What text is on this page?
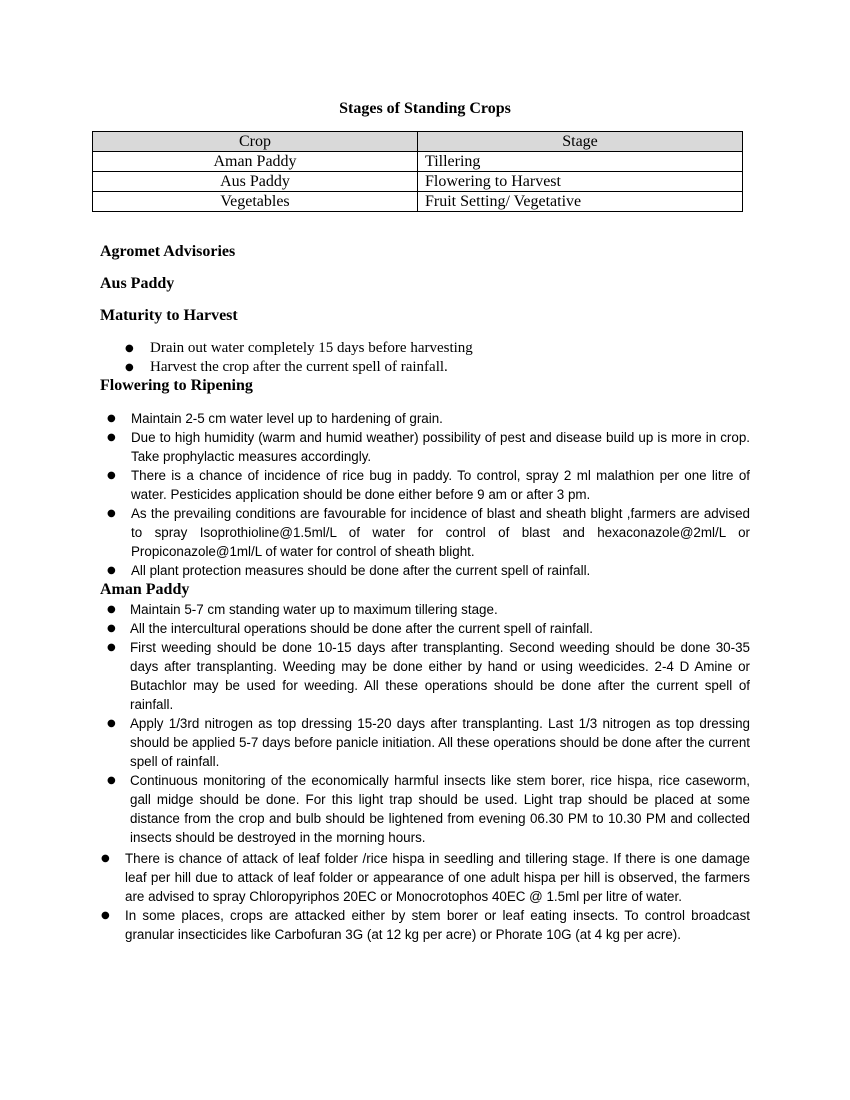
Stages of Standing Crops
Crop	Stage
Aman Paddy	Tillering
Aus Paddy	Flowering to Harvest
Vegetables	Fruit Setting/ Vegetative
Agromet Advisories
Aus Paddy
Maturity to Harvest
● Drain out water completely 15 days before harvesting
● Harvest the crop after the current spell of rainfall.
Flowering to Ripening
● Maintain 2-5 cm water level up to hardening of grain.
● Due to high humidity (warm and humid weather) possibility of pest and disease build up is more in crop. Take prophylactic measures accordingly.
● There is a chance of incidence of rice bug in paddy. To control, spray 2 ml malathion per one litre of water. Pesticides application should be done either before 9 am or after 3 pm.
● As the prevailing conditions are favourable for incidence of blast and sheath blight ,farmers are advised to spray Isoprothioline@1.5ml/L of water for control of blast and hexaconazole@2ml/L or Propiconazole@1ml/L of water for control of sheath blight.
● All plant protection measures should be done after the current spell of rainfall.
Aman Paddy
● Maintain 5-7 cm standing water up to maximum tillering stage.
● All the intercultural operations should be done after the current spell of rainfall.
● First weeding should be done 10-15 days after transplanting. Second weeding should be done 30-35 days after transplanting. Weeding may be done either by hand or using weedicides. 2-4 D Amine or Butachlor may be used for weeding. All these operations should be done after the current spell of rainfall.
● Apply 1/3rd nitrogen as top dressing 15-20 days after transplanting. Last 1/3 nitrogen as top dressing should be applied 5-7 days before panicle initiation. All these operations should be done after the current spell of rainfall.
● Continuous monitoring of the economically harmful insects like stem borer, rice hispa, rice caseworm, gall midge should be done. For this light trap should be used. Light trap should be placed at some distance from the crop and bulb should be lightened from evening 06.30 PM to 10.30 PM and collected insects should be destroyed in the morning hours.
● There is chance of attack of leaf folder /rice hispa in seedling and tillering stage. If there is one damage leaf per hill due to attack of leaf folder or appearance of one adult hispa per hill is observed, the farmers are advised to spray Chloropyriphos 20EC or Monocrotophos 40EC @ 1.5ml per litre of water.
● In some places, crops are attacked either by stem borer or leaf eating insects. To control broadcast granular insecticides like Carbofuran 3G (at 12 kg per acre) or Phorate 10G (at 4 kg per acre).
